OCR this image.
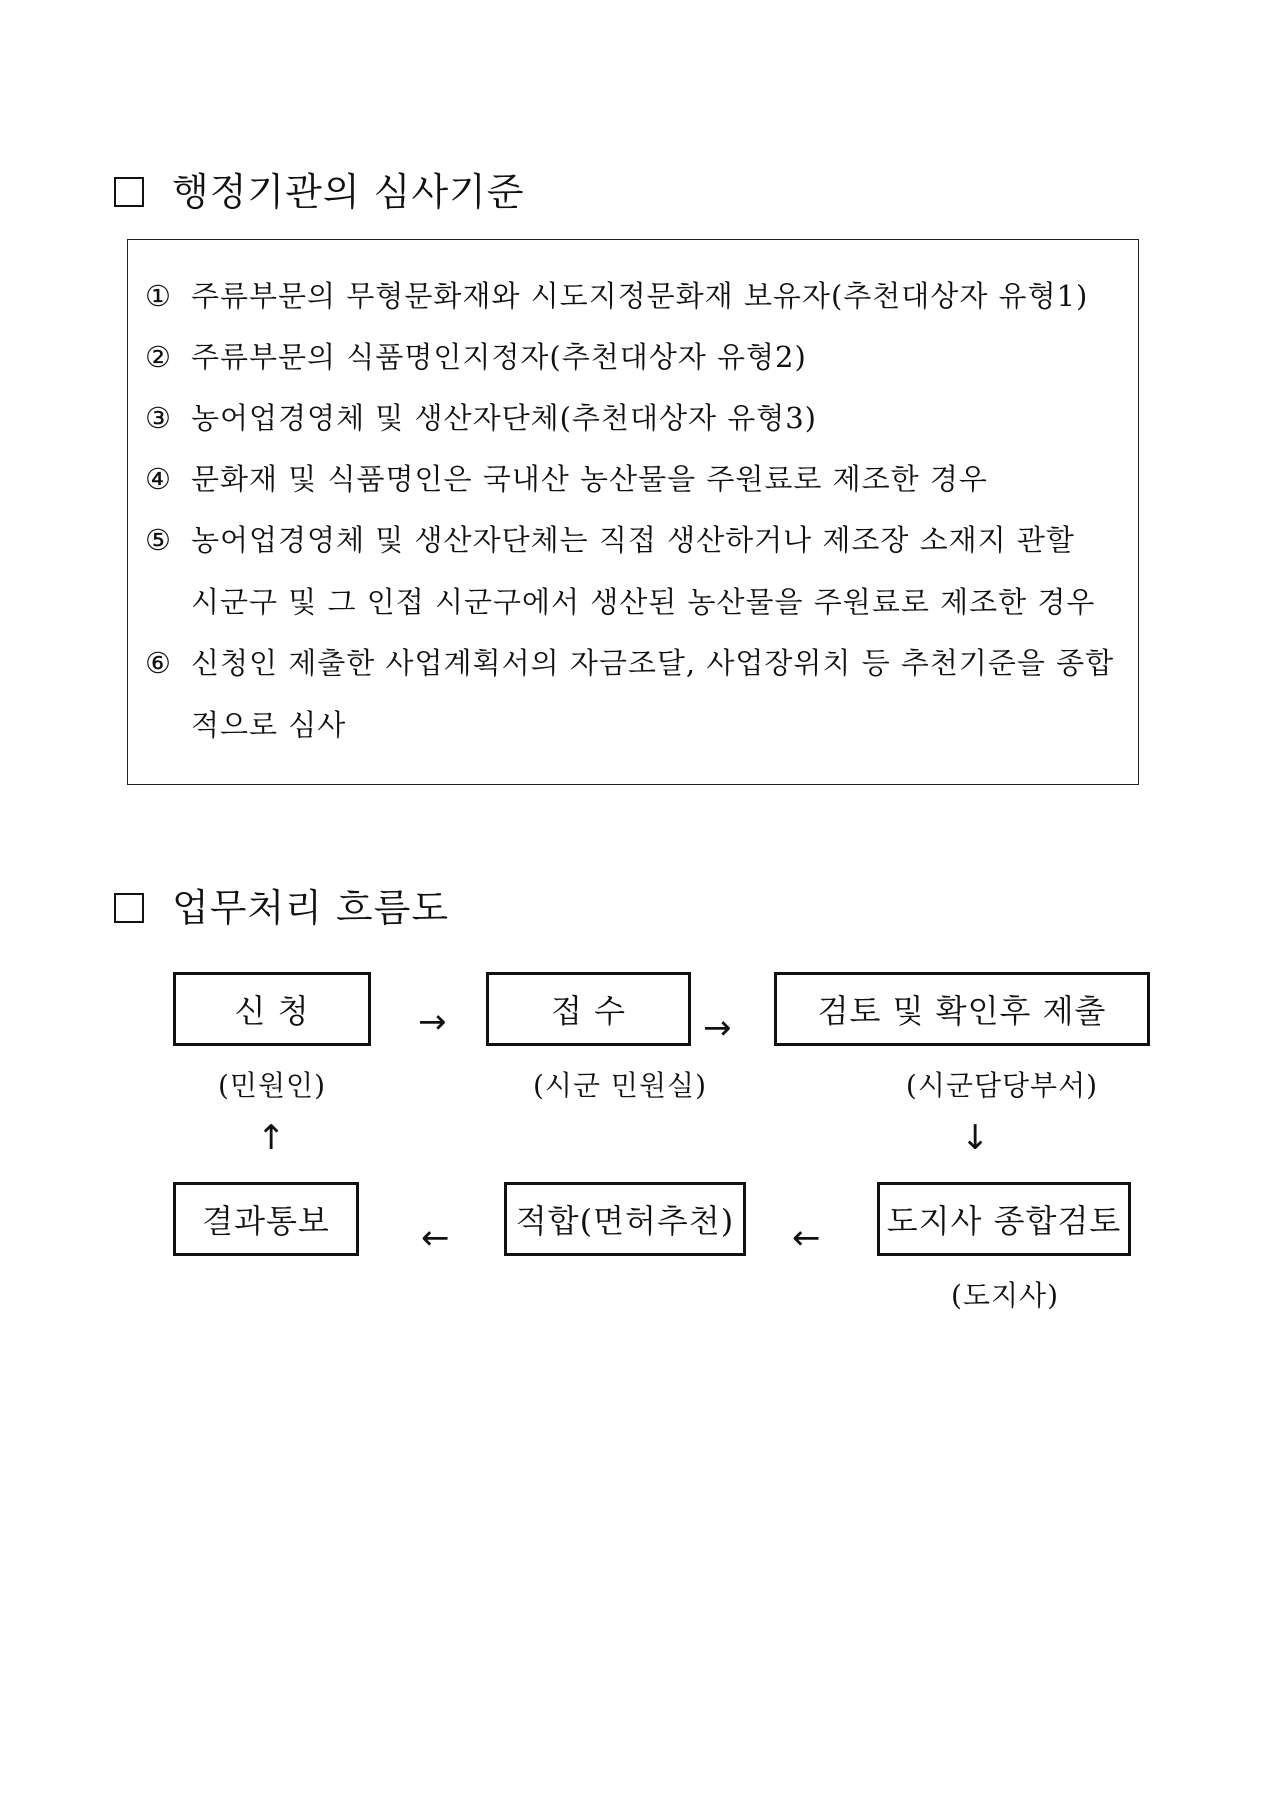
행정기관의 심사기준
① 주류부문의 무형문화재와 시도지정문화재 보유자(추천대상자 유형1)
② 주류부문의 식품명인지정자(추천대상자 유형2)
③ 농어업경영체 및 생산자단체(추천대상자 유형3)
④ 문화재 및 식품명인은 국내산 농산물을 주원료로 제조한 경우
⑤ 농어업경영체 및 생산자단체는 직접 생산하거나 제조장 소재지 관할
시군구 및 그 인접 시군구에서 생산된 농산물을 주원료로 제조한 경우
⑥ 신청인 제출한 사업계획서의 자금조달, 사업장위치 등 추천기준을 종합
적으로 심사
업무처리 흐름도
신 청	→	접 수	→	검토 및 확인후 제출
(민원인)	(시군 민원실)	(시군담당부서)
↑	↓
결과통보	←	적합(면허추천)	←	도지사 종합검토
(도지사)
